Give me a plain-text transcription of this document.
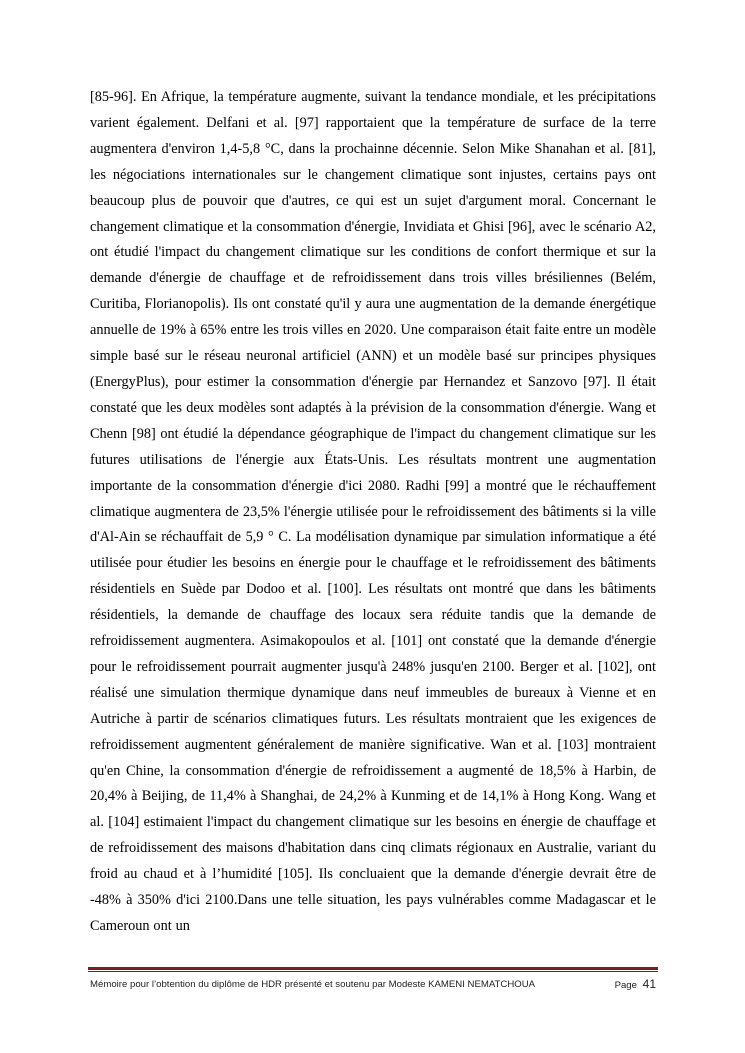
[85-96]. En Afrique, la température augmente, suivant la tendance mondiale, et les précipitations varient également. Delfani et al. [97] rapportaient que la température de surface de la terre augmentera d'environ 1,4-5,8 °C, dans la prochainne décennie. Selon Mike Shanahan et al. [81], les négociations internationales sur le changement climatique sont injustes, certains pays ont beaucoup plus de pouvoir que d'autres, ce qui est un sujet d'argument moral. Concernant le changement climatique et la consommation d'énergie, Invidiata et Ghisi [96], avec le scénario A2, ont étudié l'impact du changement climatique sur les conditions de confort thermique et sur la demande d'énergie de chauffage et de refroidissement dans trois villes brésiliennes (Belém, Curitiba, Florianopolis). Ils ont constaté qu'il y aura une augmentation de la demande énergétique annuelle de 19% à 65% entre les trois villes en 2020. Une comparaison était faite entre un modèle simple basé sur le réseau neuronal artificiel (ANN) et un modèle basé sur principes physiques (EnergyPlus), pour estimer la consommation d'énergie par Hernandez et Sanzovo [97]. Il était constaté que les deux modèles sont adaptés à la prévision de la consommation d'énergie. Wang et Chenn [98] ont étudié la dépendance géographique de l'impact du changement climatique sur les futures utilisations de l'énergie aux États-Unis. Les résultats montrent une augmentation importante de la consommation d'énergie d'ici 2080. Radhi [99] a montré que le réchauffement climatique augmentera de 23,5% l'énergie utilisée pour le refroidissement des bâtiments si la ville d'Al-Ain se réchauffait de 5,9 ° C. La modélisation dynamique par simulation informatique a été utilisée pour étudier les besoins en énergie pour le chauffage et le refroidissement des bâtiments résidentiels en Suède par Dodoo et al. [100]. Les résultats ont montré que dans les bâtiments résidentiels, la demande de chauffage des locaux sera réduite tandis que la demande de refroidissement augmentera. Asimakopoulos et al. [101] ont constaté que la demande d'énergie pour le refroidissement pourrait augmenter jusqu'à 248% jusqu'en 2100. Berger et al. [102], ont réalisé une simulation thermique dynamique dans neuf immeubles de bureaux à Vienne et en Autriche à partir de scénarios climatiques futurs. Les résultats montraient que les exigences de refroidissement augmentent généralement de manière significative. Wan et al. [103] montraient qu'en Chine, la consommation d'énergie de refroidissement a augmenté de 18,5% à Harbin, de 20,4% à Beijing, de 11,4% à Shanghai, de 24,2% à Kunming et de 14,1% à Hong Kong. Wang et al. [104] estimaient l'impact du changement climatique sur les besoins en énergie de chauffage et de refroidissement des maisons d'habitation dans cinq climats régionaux en Australie, variant du froid au chaud et à l’humidité [105]. Ils concluaient que la demande d'énergie devrait être de -48% à 350% d'ici 2100.Dans une telle situation, les pays vulnérables comme Madagascar et le Cameroun ont un

Mémoire pour l’obtention du diplôme de HDR présenté et soutenu par Modeste KAMENI NEMATCHOUA	Page 41
